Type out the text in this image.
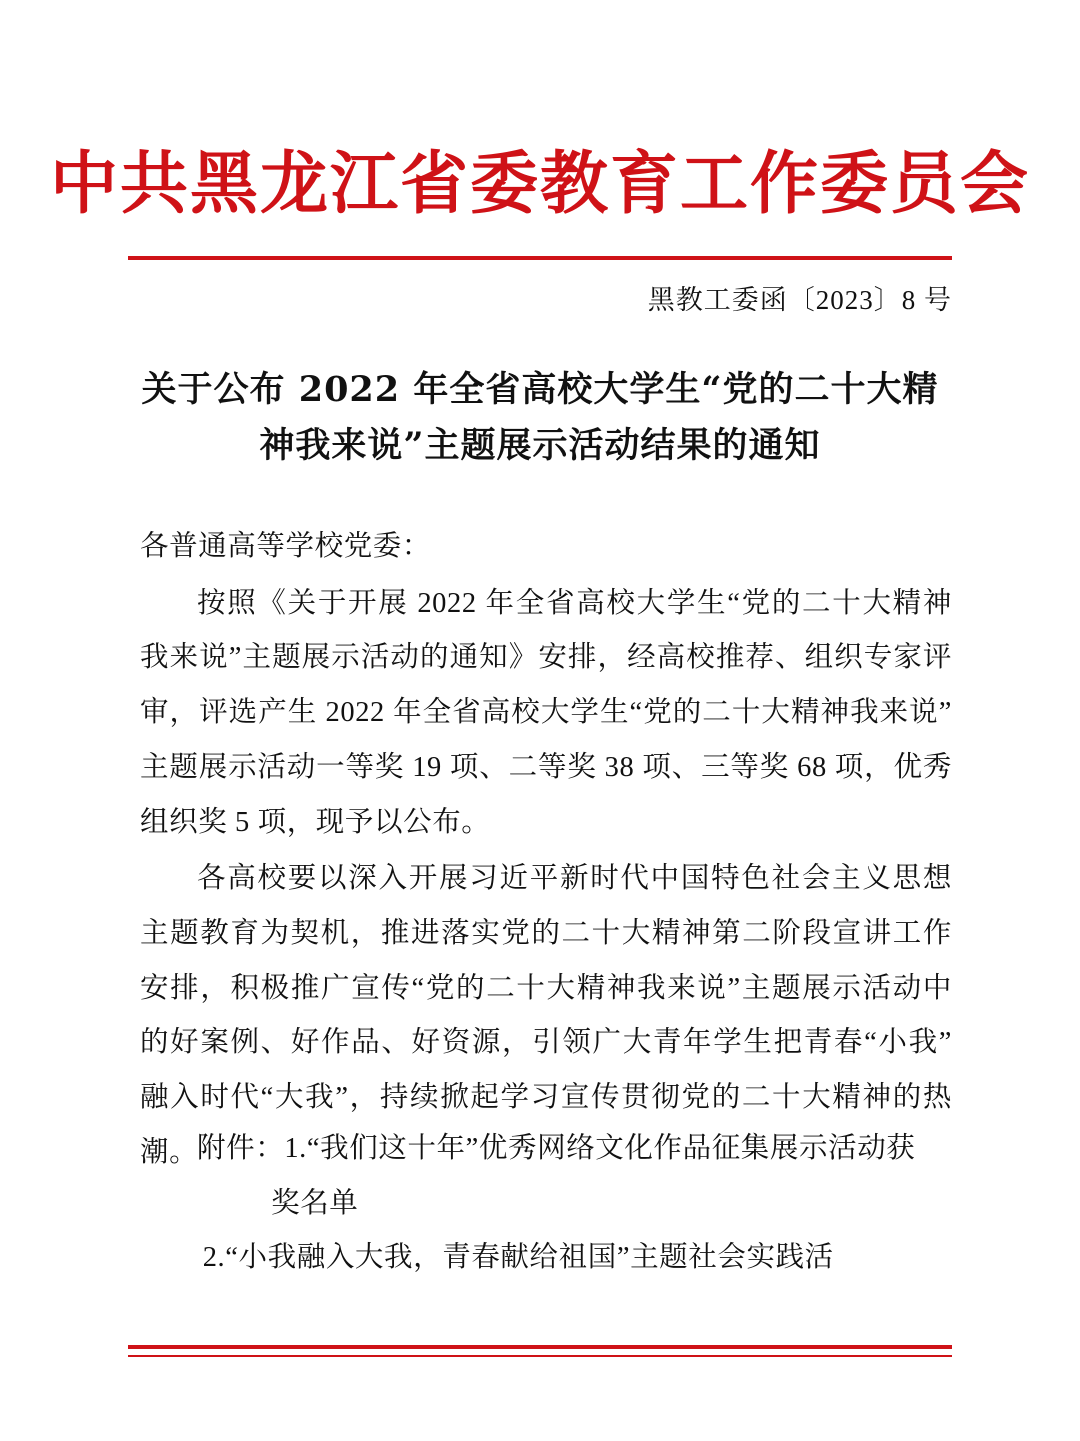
中共黑龙江省委教育工作委员会
黑教工委函〔2023〕8 号
关于公布 2022 年全省高校大学生“党的二十大精神我来说”主题展示活动结果的通知

各普通高等学校党委：

按照《关于开展 2022 年全省高校大学生“党的二十大精神我来说”主题展示活动的通知》安排，经高校推荐、组织专家评审，评选产生 2022 年全省高校大学生“党的二十大精神我来说”主题展示活动一等奖 19 项、二等奖 38 项、三等奖 68 项，优秀组织奖 5 项，现予以公布。

各高校要以深入开展习近平新时代中国特色社会主义思想主题教育为契机，推进落实党的二十大精神第二阶段宣讲工作安排，积极推广宣传“党的二十大精神我来说”主题展示活动中的好案例、好作品、好资源，引领广大青年学生把青春“小我”融入时代“大我”，持续掀起学习宣传贯彻党的二十大精神的热潮。

附件：1.“我们这十年”优秀网络文化作品征集展示活动获
奖名单
2.“小我融入大我，青春献给祖国”主题社会实践活
